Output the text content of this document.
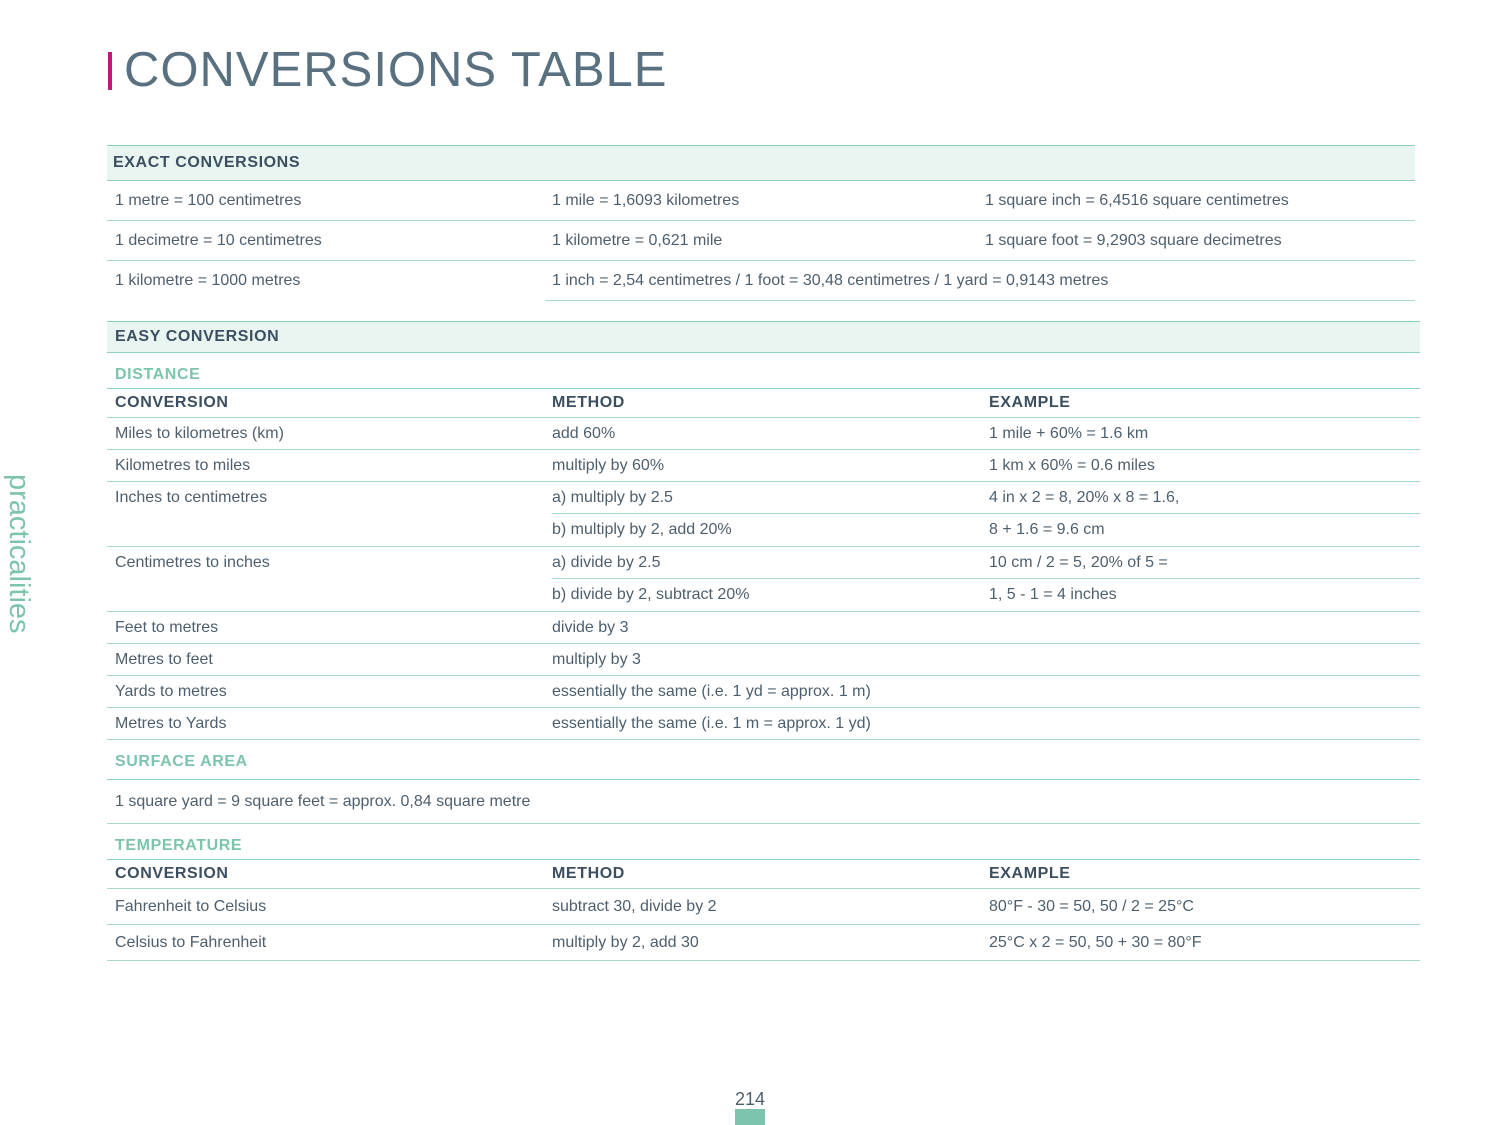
CONVERSIONS TABLE
practicalities
EXACT CONVERSIONS
1 metre = 100 centimetres	1 mile = 1,6093 kilometres	1 square inch = 6,4516 square centimetres
1 decimetre = 10 centimetres	1 kilometre = 0,621 mile	1 square foot = 9,2903 square decimetres
1 kilometre = 1000 metres	1 inch = 2,54 centimetres / 1 foot = 30,48 centimetres / 1 yard = 0,9143 metres
EASY CONVERSION
DISTANCE
CONVERSION	METHOD	EXAMPLE
Miles to kilometres (km)	add 60%	1 mile + 60% = 1.6 km
Kilometres to miles	multiply by 60%	1 km x 60% = 0.6 miles
Inches to centimetres	a) multiply by 2.5	4 in x 2 = 8, 20% x 8 = 1.6,
b) multiply by 2, add 20%	8 + 1.6 = 9.6 cm
Centimetres to inches	a) divide by 2.5	10 cm / 2 = 5, 20% of 5 =
b) divide by 2, subtract 20%	1, 5 - 1 = 4 inches
Feet to metres	divide by 3
Metres to feet	multiply by 3
Yards to metres	essentially the same (i.e. 1 yd = approx. 1 m)
Metres to Yards	essentially the same (i.e. 1 m = approx. 1 yd)
SURFACE AREA
1 square yard = 9 square feet = approx. 0,84 square metre
TEMPERATURE
CONVERSION	METHOD	EXAMPLE
Fahrenheit to Celsius	subtract 30, divide by 2	80°F - 30 = 50, 50 / 2 = 25°C
Celsius to Fahrenheit	multiply by 2, add 30	25°C x 2 = 50, 50 + 30 = 80°F
214
